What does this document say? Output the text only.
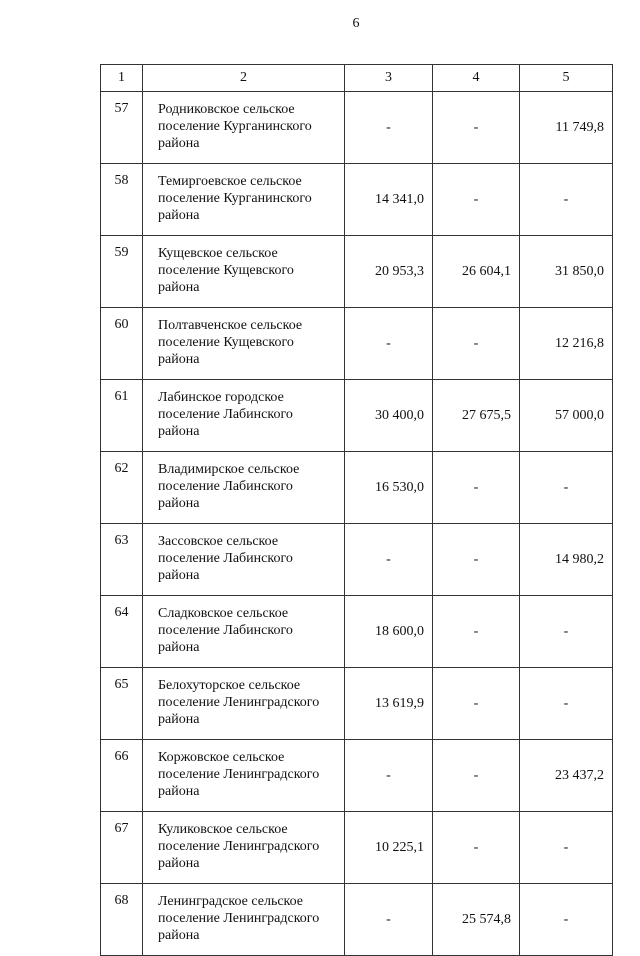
6
1	2	3	4	5
57	Родниковское сельское
поселение Курганинского
района	-	-	11 749,8
58	Темиргоевское сельское
поселение Курганинского
района	14 341,0	-	-
59	Кущевское сельское
поселение Кущевского
района	20 953,3	26 604,1	31 850,0
60	Полтавченское сельское
поселение Кущевского
района	-	-	12 216,8
61	Лабинское городское
поселение Лабинского
района	30 400,0	27 675,5	57 000,0
62	Владимирское сельское
поселение Лабинского
района	16 530,0	-	-
63	Зассовское сельское
поселение Лабинского
района	-	-	14 980,2
64	Сладковское сельское
поселение Лабинского
района	18 600,0	-	-
65	Белохуторское сельское
поселение Ленинградского
района	13 619,9	-	-
66	Коржовское сельское
поселение Ленинградского
района	-	-	23 437,2
67	Куликовское сельское
поселение Ленинградского
района	10 225,1	-	-
68	Ленинградское сельское
поселение Ленинградского
района	-	25 574,8	-
